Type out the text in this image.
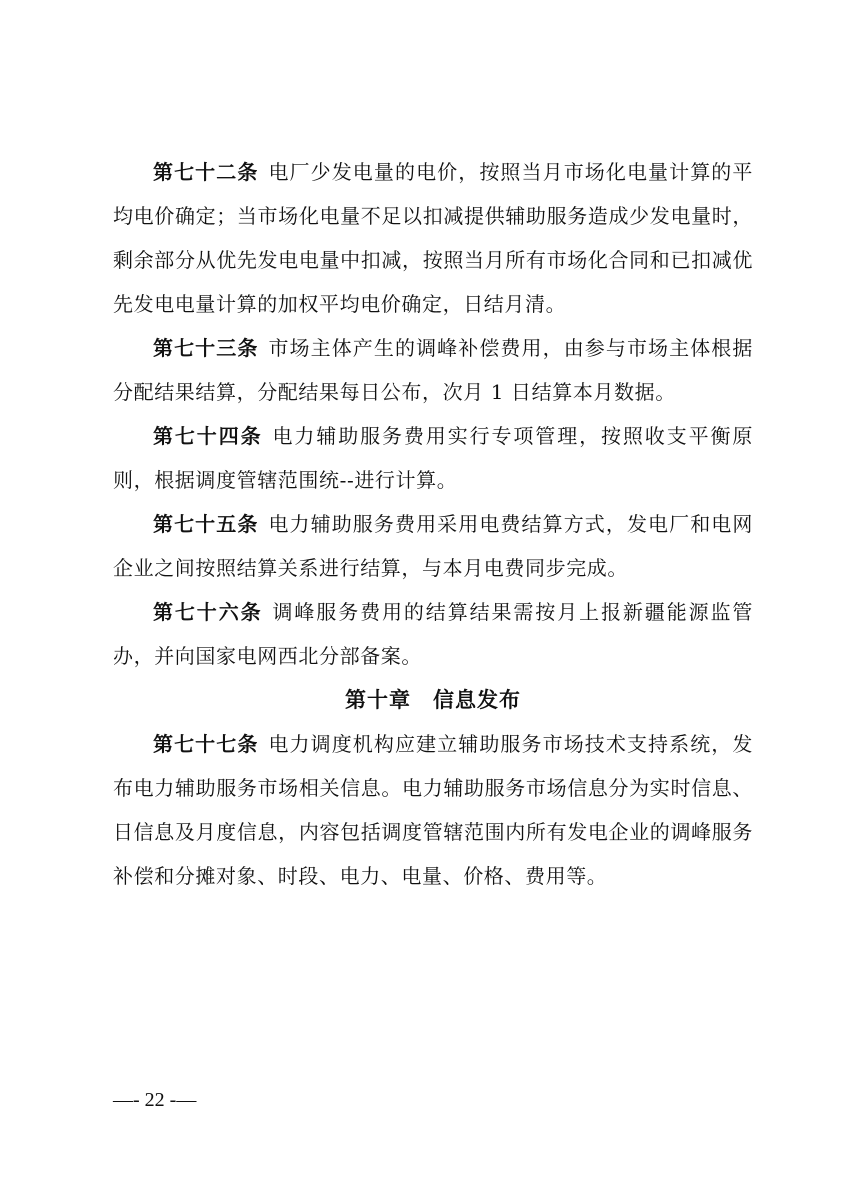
第七十二条 电厂少发电量的电价，按照当月市场化电量计算的平均电价确定；当市场化电量不足以扣减提供辅助服务造成少发电量时，剩余部分从优先发电电量中扣减，按照当月所有市场化合同和已扣减优先发电电量计算的加权平均电价确定，日结月清。

第七十三条 市场主体产生的调峰补偿费用，由参与市场主体根据分配结果结算，分配结果每日公布，次月 1 日结算本月数据。

第七十四条 电力辅助服务费用实行专项管理，按照收支平衡原则，根据调度管辖范围统--进行计算。

第七十五条 电力辅助服务费用采用电费结算方式，发电厂和电网企业之间按照结算关系进行结算，与本月电费同步完成。

第七十六条 调峰服务费用的结算结果需按月上报新疆能源监管办，并向国家电网西北分部备案。

第十章　信息发布

第七十七条 电力调度机构应建立辅助服务市场技术支持系统，发布电力辅助服务市场相关信息。电力辅助服务市场信息分为实时信息、日信息及月度信息，内容包括调度管辖范围内所有发电企业的调峰服务补偿和分摊对象、时段、电力、电量、价格、费用等。

—- 22 -—
